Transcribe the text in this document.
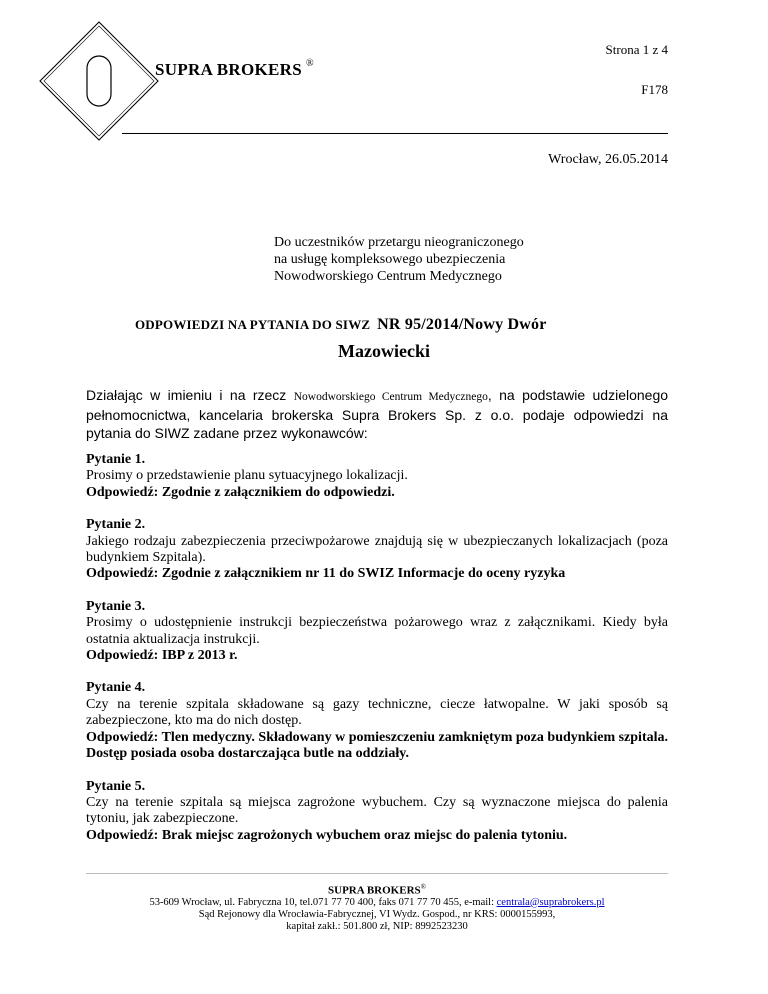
SUPRA BROKERS ®
Strona 1 z 4
F178
Wrocław, 26.05.2014
Do uczestników przetargu nieograniczonego
na usługę kompleksowego ubezpieczenia
Nowodworskiego Centrum Medycznego
ODPOWIEDZI NA PYTANIA DO SIWZ NR 95/2014/Nowy Dwór
Mazowiecki
Działając w imieniu i na rzecz Nowodworskiego Centrum Medycznego, na podstawie udzielonego pełnomocnictwa, kancelaria brokerska Supra Brokers Sp. z o.o. podaje odpowiedzi na pytania do SIWZ zadane przez wykonawców:
Pytanie 1.
Prosimy o przedstawienie planu sytuacyjnego lokalizacji.
Odpowiedź: Zgodnie z załącznikiem do odpowiedzi.
Pytanie 2.
Jakiego rodzaju zabezpieczenia przeciwpożarowe znajdują się w ubezpieczanych lokalizacjach (poza budynkiem Szpitala).
Odpowiedź: Zgodnie z załącznikiem nr 11 do SWIZ Informacje do oceny ryzyka
Pytanie 3.
Prosimy o udostępnienie instrukcji bezpieczeństwa pożarowego wraz z załącznikami. Kiedy była ostatnia aktualizacja instrukcji.
Odpowiedź: IBP z 2013 r.
Pytanie 4.
Czy na terenie szpitala składowane są gazy techniczne, ciecze łatwopalne. W jaki sposób są zabezpieczone, kto ma do nich dostęp.
Odpowiedź: Tlen medyczny. Składowany w pomieszczeniu zamkniętym poza budynkiem szpitala. Dostęp posiada osoba dostarczająca butle na oddziały.
Pytanie 5.
Czy na terenie szpitala są miejsca zagrożone wybuchem. Czy są wyznaczone miejsca do palenia tytoniu, jak zabezpieczone.
Odpowiedź: Brak miejsc zagrożonych wybuchem oraz miejsc do palenia tytoniu.
SUPRA BROKERS®
53-609 Wrocław, ul. Fabryczna 10, tel.071 77 70 400, faks 071 77 70 455, e-mail: centrala@suprabrokers.pl
Sąd Rejonowy dla Wrocławia-Fabrycznej, VI Wydz. Gospod., nr KRS: 0000155993,
kapitał zakł.: 501.800 zł, NIP: 8992523230
